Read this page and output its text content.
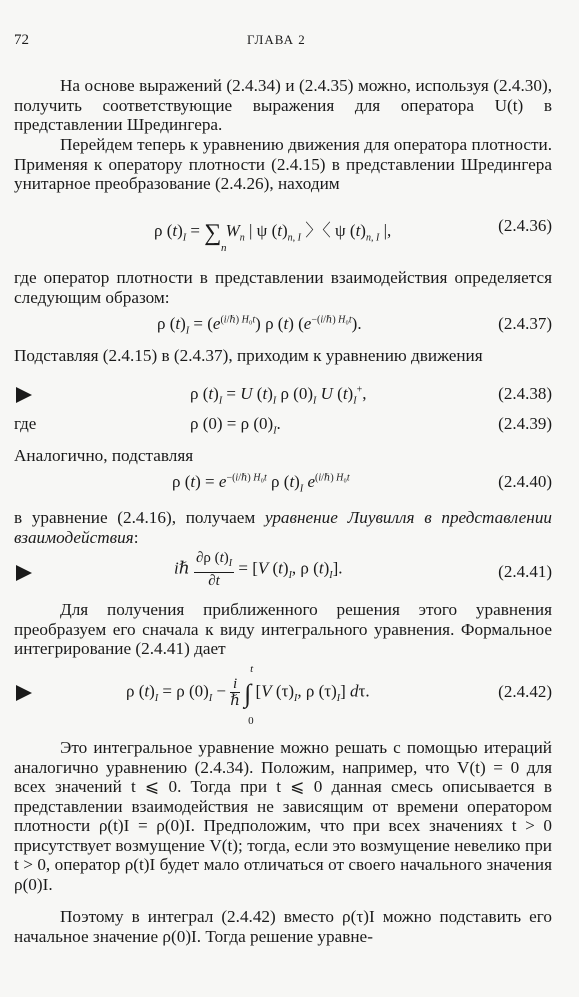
72	ГЛАВА 2

На основе выражений (2.4.34) и (2.4.35) можно, используя (2.4.30), получить соответствующие выражения для оператора U(t) в представлении Шредингера.

Перейдем теперь к уравнению движения для оператора плотности. Применяя к оператору плотности (2.4.15) в представлении Шредингера унитарное преобразование (2.4.26), находим

ρ $(t)_I$ = ∑ $W_n$ | ψ $(t)_{n, I}$ 〉〈 ψ $(t)_{n, I}$ |,
n
(2.4.36)

где оператор плотности в представлении взаимодействия определяется следующим образом:

ρ $(t)_I = (e^{(i/\hbar) H_0t})$ ρ (t) $(e^{-(i/\hbar) H_0t})$.	(2.4.37)

Подставляя (2.4.15) в (2.4.37), приходим к уравнению движения

ρ $(t)_I = U$ $(t)_I$ ρ $(0)_I$ U $(t)_I^+$,	(2.4.38)
где	ρ (0) = ρ $(0)_I$.	(2.4.39)

Аналогично, подставляя

ρ $(t) = e^{-(i/\hbar) H_0t}$ ρ $(t)_I$ $e^{(i/\hbar) H_0t}$	(2.4.40)

в уравнение (2.4.16), получаем уравнение Лиувилля в представлении взаимодействия:

iℏ $\frac{\partial\rho (t)_I}{\partial t} = [V$ $(t)_I$, ρ $(t)_I$].	(2.4.41)

Для получения приближенного решения этого уравнения преобразуем его сначала к виду интегрального уравнения. Формальное интегрирование (2.4.41) дает

ρ $(t)_I = \rho$ $(0)_I - \frac{i}{\text{ℏ}}$ ∫
t
0
[V $(\tau)_I$, ρ $(\tau)_I$] dτ.	(2.4.42)

Это интегральное уравнение можно решать с помощью итераций аналогично уравнению (2.4.34). Положим, например, что V(t) = 0 для всех значений t ⩽ 0. Тогда при t ⩽ 0 данная смесь описывается в представлении взаимодействия не зависящим от времени оператором плотности ρ(t)I = ρ(0)I. Предположим, что при всех значениях t > 0 присутствует возмущение V(t); тогда, если это возмущение невелико при t > 0, оператор ρ(t)I будет мало отличаться от своего начального значения ρ(0)I.

Поэтому в интеграл (2.4.42) вместо ρ(τ)I можно подставить его начальное значение ρ(0)I. Тогда решение уравне-
